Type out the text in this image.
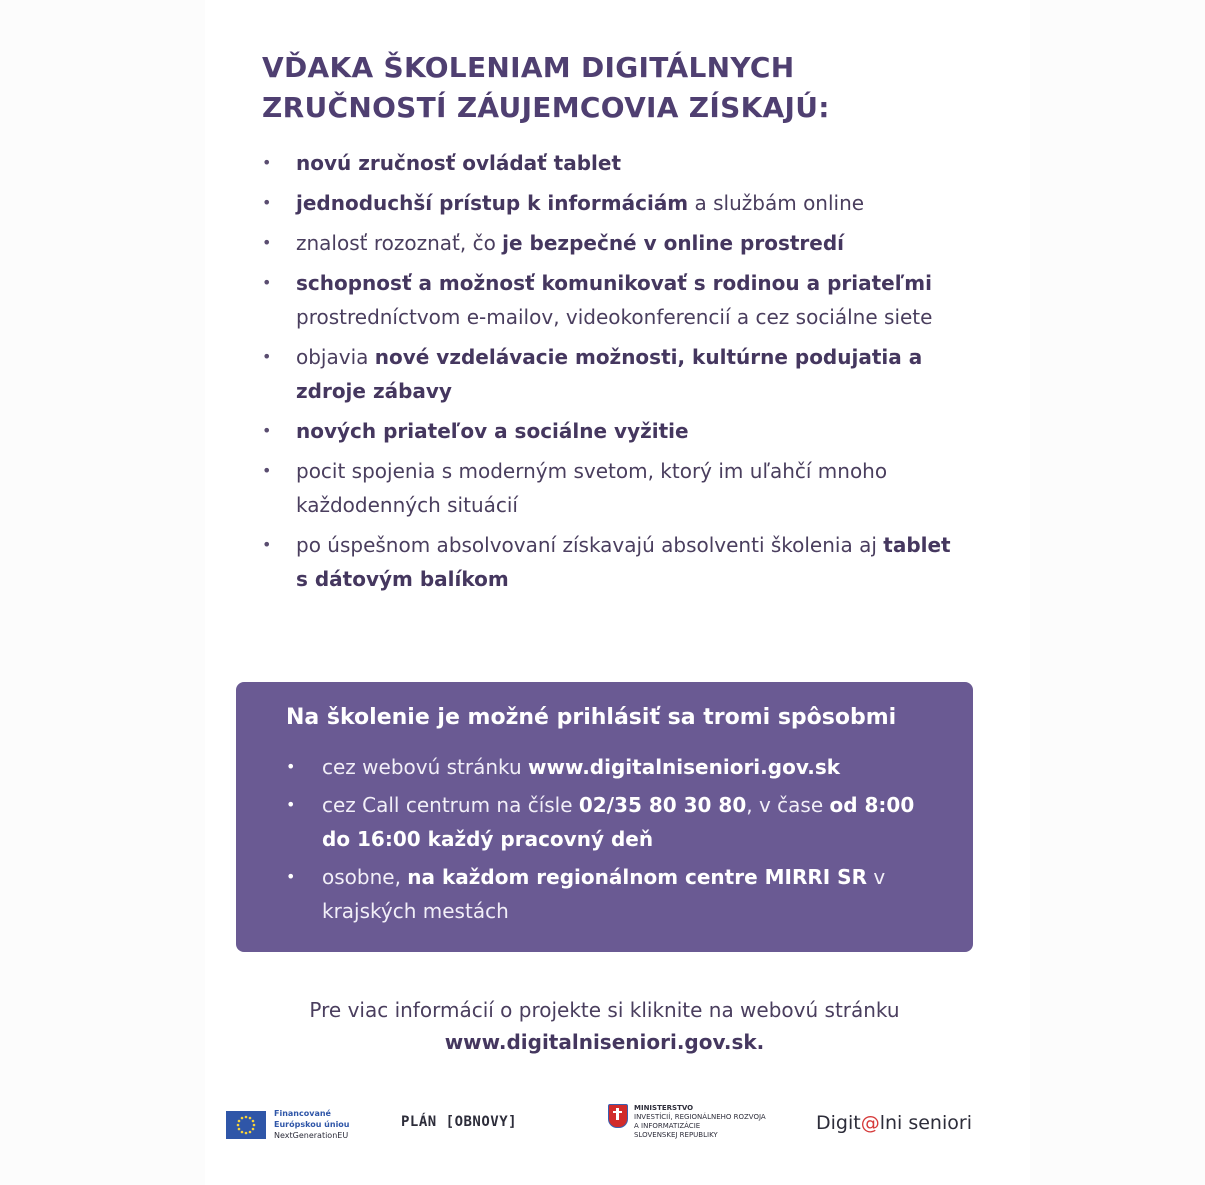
VĎAKA ŠKOLENIAM DIGITÁLNYCH
ZRUČNOSTÍ ZÁUJEMCOVIA ZÍSKAJÚ:
• novú zručnosť ovládať tablet
• jednoduchší prístup k informáciám a službám online
• znalosť rozoznať, čo je bezpečné v online prostredí
• schopnosť a možnosť komunikovať s rodinou a priateľmi prostredníctvom e-mailov, videokonferencií a cez sociálne siete
• objavia nové vzdelávacie možnosti, kultúrne podujatia a zdroje zábavy
• nových priateľov a sociálne vyžitie
• pocit spojenia s moderným svetom, ktorý im uľahčí mnoho každodenných situácií
• po úspešnom absolvovaní získavajú absolventi školenia aj tablet s dátovým balíkom
Na školenie je možné prihlásiť sa tromi spôsobmi
• cez webovú stránku www.digitalniseniori.gov.sk
• cez Call centrum na čísle 02/35 80 30 80, v čase od 8:00 do 16:00 každý pracovný deň
• osobne, na každom regionálnom centre MIRRI SR v krajských mestách
Pre viac informácií o projekte si kliknite na webovú stránku
www.digitalniseniori.gov.sk.
Financované
Európskou úniou
NextGenerationEU
PLÁN [OBNOVY]
MINISTERSTVO
INVESTÍCIÍ, REGIONÁLNEHO ROZVOJA
A INFORMATIZÁCIE
SLOVENSKEJ REPUBLIKY
Digit@lni seniori
